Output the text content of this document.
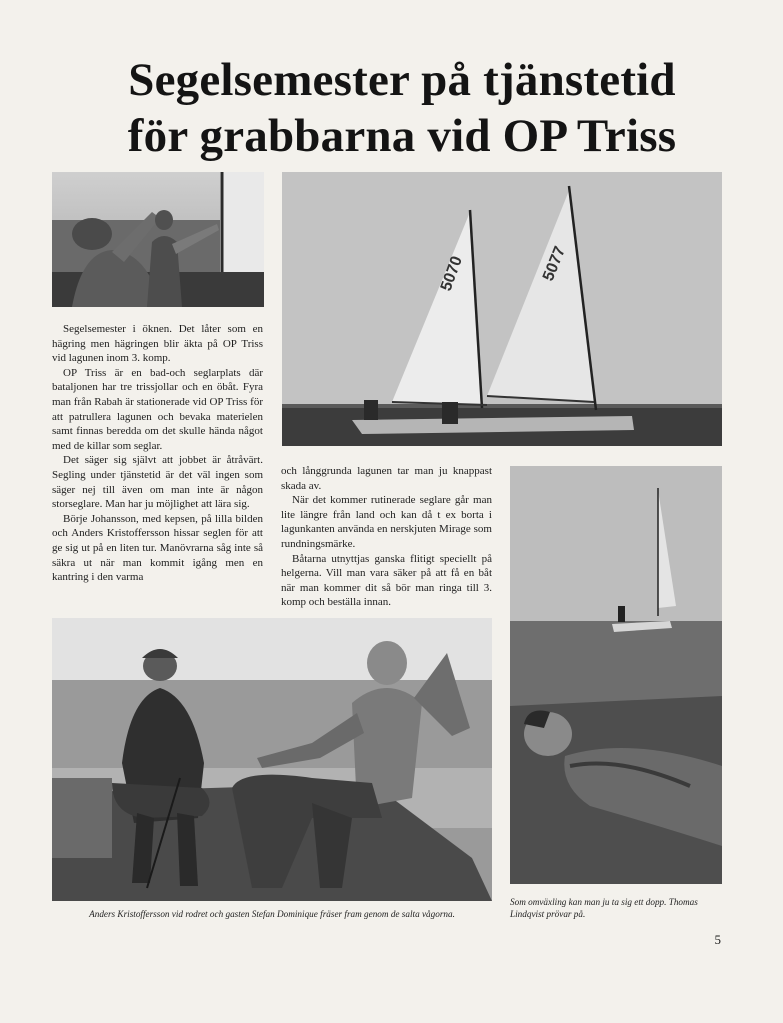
Segelsemester på tjänstetid
för grabbarna vid OP Triss
5070	5077

Segelsemester i öknen. Det låter som en hägring men hägringen blir äkta på OP Triss vid lagunen inom 3. komp.

OP Triss är en bad-och seglarplats där bataljonen har tre trissjollar och en öbåt. Fyra man från Rabah är stationerade vid OP Triss för att patrullera lagunen och bevaka materielen samt finnas beredda om det skulle hända något med de killar som seglar.

Det säger sig självt att jobbet är åtråvärt. Segling under tjänstetid är det väl ingen som säger nej till även om man inte är någon storseglare. Man har ju möjlighet att lära sig.

Börje Johansson, med kepsen, på lilla bilden och Anders Kristoffersson hissar seglen för att ge sig ut på en liten tur. Manövrarna såg inte så säkra ut när man kommit igång men en kantring i den varma

och långgrunda lagunen tar man ju knappast skada av.

När det kommer rutinerade seglare går man lite längre från land och kan då t ex borta i lagunkanten använda en nerskjuten Mirage som rundningsmärke.

Båtarna utnyttjas ganska flitigt speciellt på helgerna. Vill man vara säker på att få en båt när man kommer dit så bör man ringa till 3. komp och beställa innan.

Anders Kristoffersson vid rodret och gasten Stefan Dominique fräser fram genom de salta vågorna.
Som omväxling kan man ju ta sig ett dopp. Thomas Lindqvist prövar på.
5
